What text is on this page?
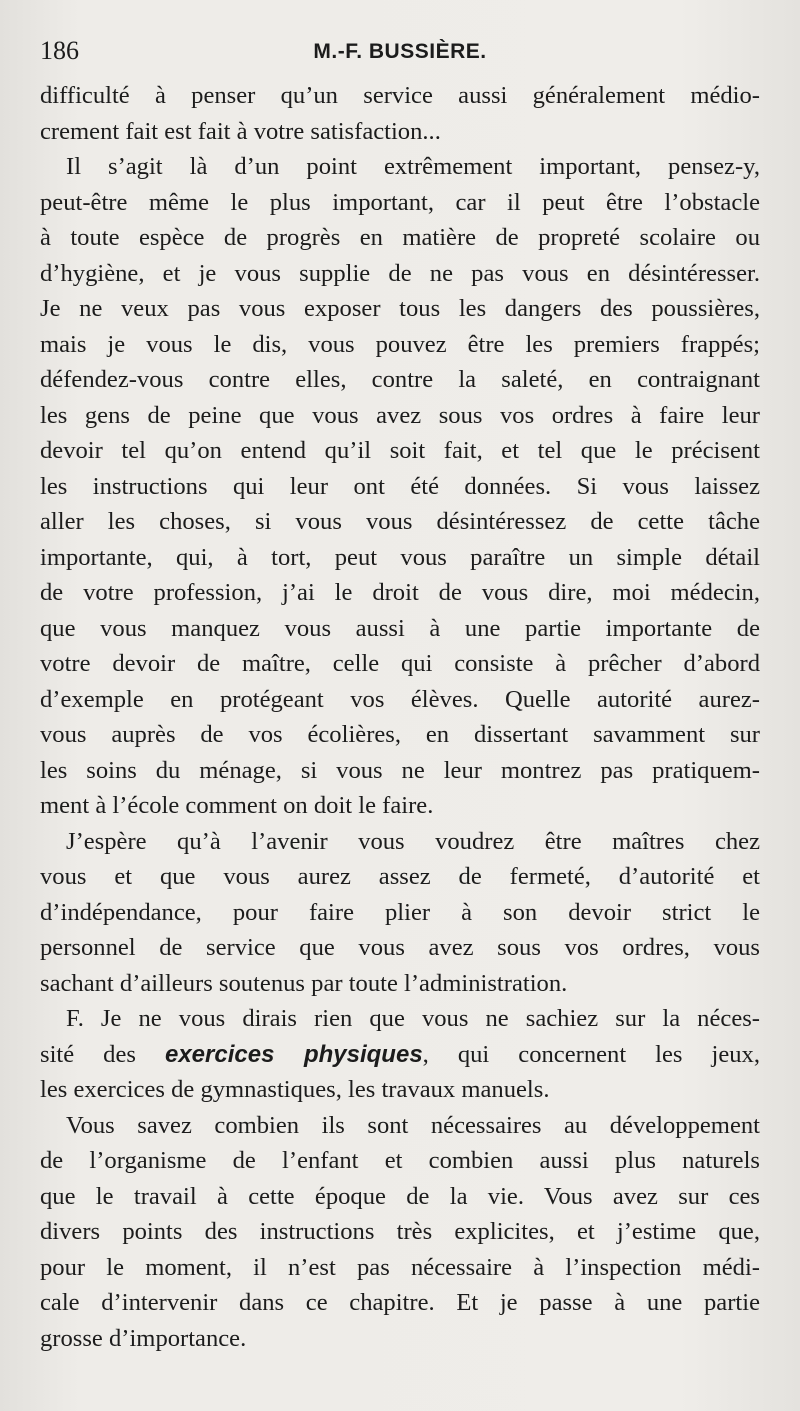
186	M.-F. BUSSIÈRE.
difficulté à penser qu’un service aussi généralement médio-
crement fait est fait à votre satisfaction...
Il s’agit là d’un point extrêmement important, pensez-y,
peut-être même le plus important, car il peut être l’obstacle
à toute espèce de progrès en matière de propreté scolaire ou
d’hygiène, et je vous supplie de ne pas vous en désintéresser.
Je ne veux pas vous exposer tous les dangers des poussières,
mais je vous le dis, vous pouvez être les premiers frappés;
défendez-vous contre elles, contre la saleté, en contraignant
les gens de peine que vous avez sous vos ordres à faire leur
devoir tel qu’on entend qu’il soit fait, et tel que le précisent
les instructions qui leur ont été données. Si vous laissez
aller les choses, si vous vous désintéressez de cette tâche
importante, qui, à tort, peut vous paraître un simple détail
de votre profession, j’ai le droit de vous dire, moi médecin,
que vous manquez vous aussi à une partie importante de
votre devoir de maître, celle qui consiste à prêcher d’abord
d’exemple en protégeant vos élèves. Quelle autorité aurez-
vous auprès de vos écolières, en dissertant savamment sur
les soins du ménage, si vous ne leur montrez pas pratiquem-
ment à l’école comment on doit le faire.
J’espère qu’à l’avenir vous voudrez être maîtres chez
vous et que vous aurez assez de fermeté, d’autorité et
d’indépendance, pour faire plier à son devoir strict le
personnel de service que vous avez sous vos ordres, vous
sachant d’ailleurs soutenus par toute l’administration.
F. Je ne vous dirais rien que vous ne sachiez sur la néces-
sité des exercices physiques, qui concernent les jeux,
les exercices de gymnastiques, les travaux manuels.
Vous savez combien ils sont nécessaires au développement
de l’organisme de l’enfant et combien aussi plus naturels
que le travail à cette époque de la vie. Vous avez sur ces
divers points des instructions très explicites, et j’estime que,
pour le moment, il n’est pas nécessaire à l’inspection médi-
cale d’intervenir dans ce chapitre. Et je passe à une partie
grosse d’importance.
